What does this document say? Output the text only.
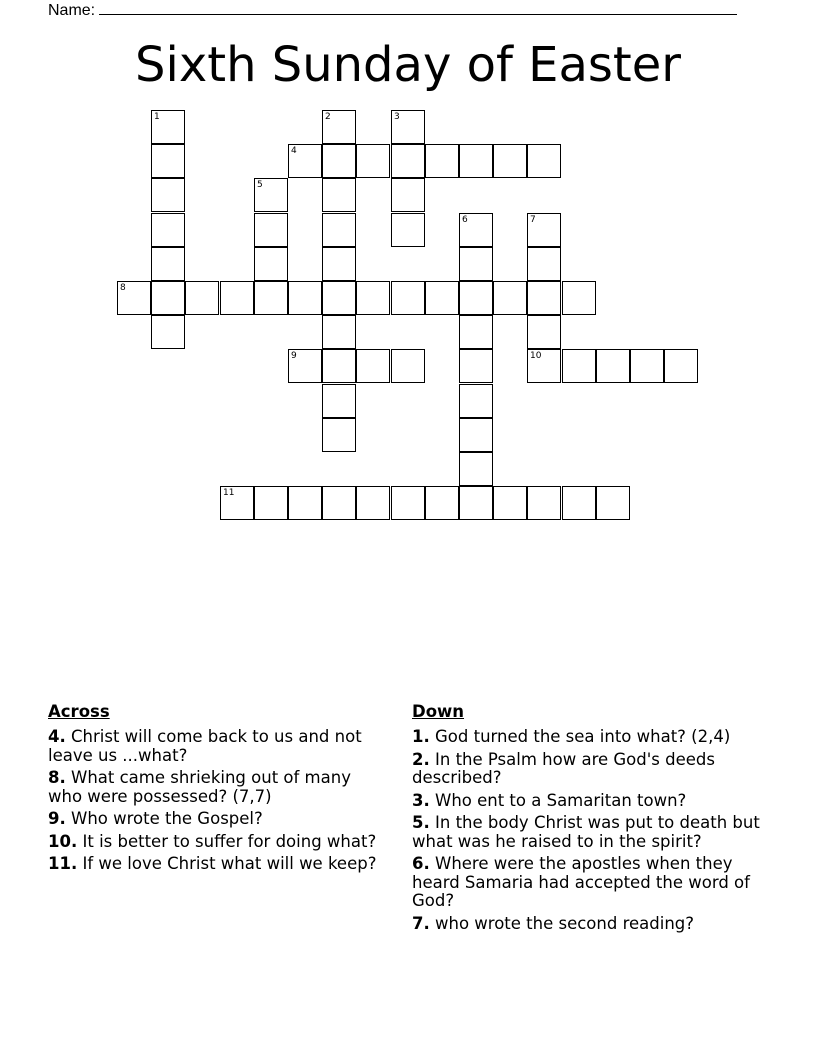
Name:
Sixth Sunday of Easter
1	2	3
4
5
6	7
10
8
9
11
Across
4. Christ will come back to us and not leave us ...what?
8. What came shrieking out of many who were possessed? (7,7)
9. Who wrote the Gospel?
10. It is better to suffer for doing what?
11. If we love Christ what will we keep?
Down
1. God turned the sea into what? (2,4)
2. In the Psalm how are God's deeds described?
3. Who ent to a Samaritan town?
5. In the body Christ was put to death but what was he raised to in the spirit?
6. Where were the apostles when they heard Samaria had accepted the word of God?
7. who wrote the second reading?
